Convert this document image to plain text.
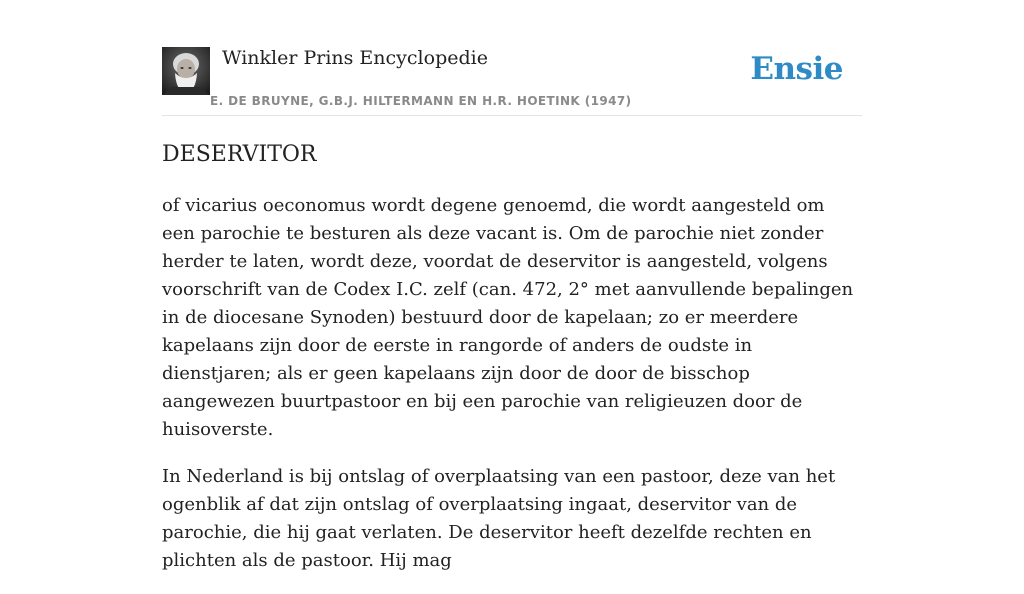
Winkler Prins Encyclopedie
E. DE BRUYNE, G.B.J. HILTERMANN EN H.R. HOETINK (1947)
Ensie
DESERVITOR

of vicarius oeconomus wordt degene genoemd, die wordt aangesteld om een parochie te besturen als deze vacant is. Om de parochie niet zonder herder te laten, wordt deze, voordat de deservitor is aangesteld, volgens voorschrift van de Codex I.C. zelf (can. 472, 2° met aanvullende bepalingen in de diocesane Synoden) bestuurd door de kapelaan; zo er meerdere kapelaans zijn door de eerste in rangorde of anders de oudste in dienstjaren; als er geen kapelaans zijn door de door de bisschop aangewezen buurtpastoor en bij een parochie van religieuzen door de huisoverste.

In Nederland is bij ontslag of overplaatsing van een pastoor, deze van het ogenblik af dat zijn ontslag of overplaatsing ingaat, deservitor van de parochie, die hij gaat verlaten. De deservitor heeft dezelfde rechten en plichten als de pastoor. Hij mag
